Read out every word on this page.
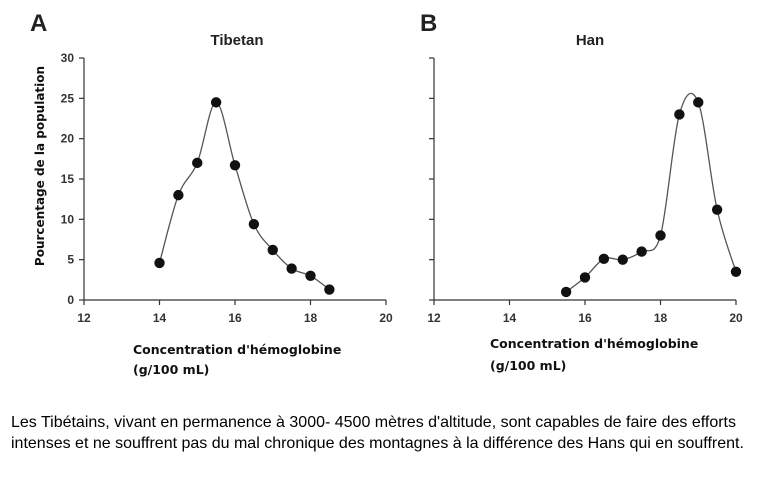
A
Tibetan
Pourcentage de la population
12	14	16	18	20
0
5
10
15
20
25
30
Concentration d'hémoglobine
(g/100 mL)
B
Han
12	14	16	18	20
Concentration d'hémoglobine
(g/100 mL)

Les Tibétains, vivant en permanence à 3000- 4500 mètres d'altitude, sont capables de faire des efforts intenses et ne souffrent pas du mal chronique des montagnes à la différence des Hans qui en souffrent.
